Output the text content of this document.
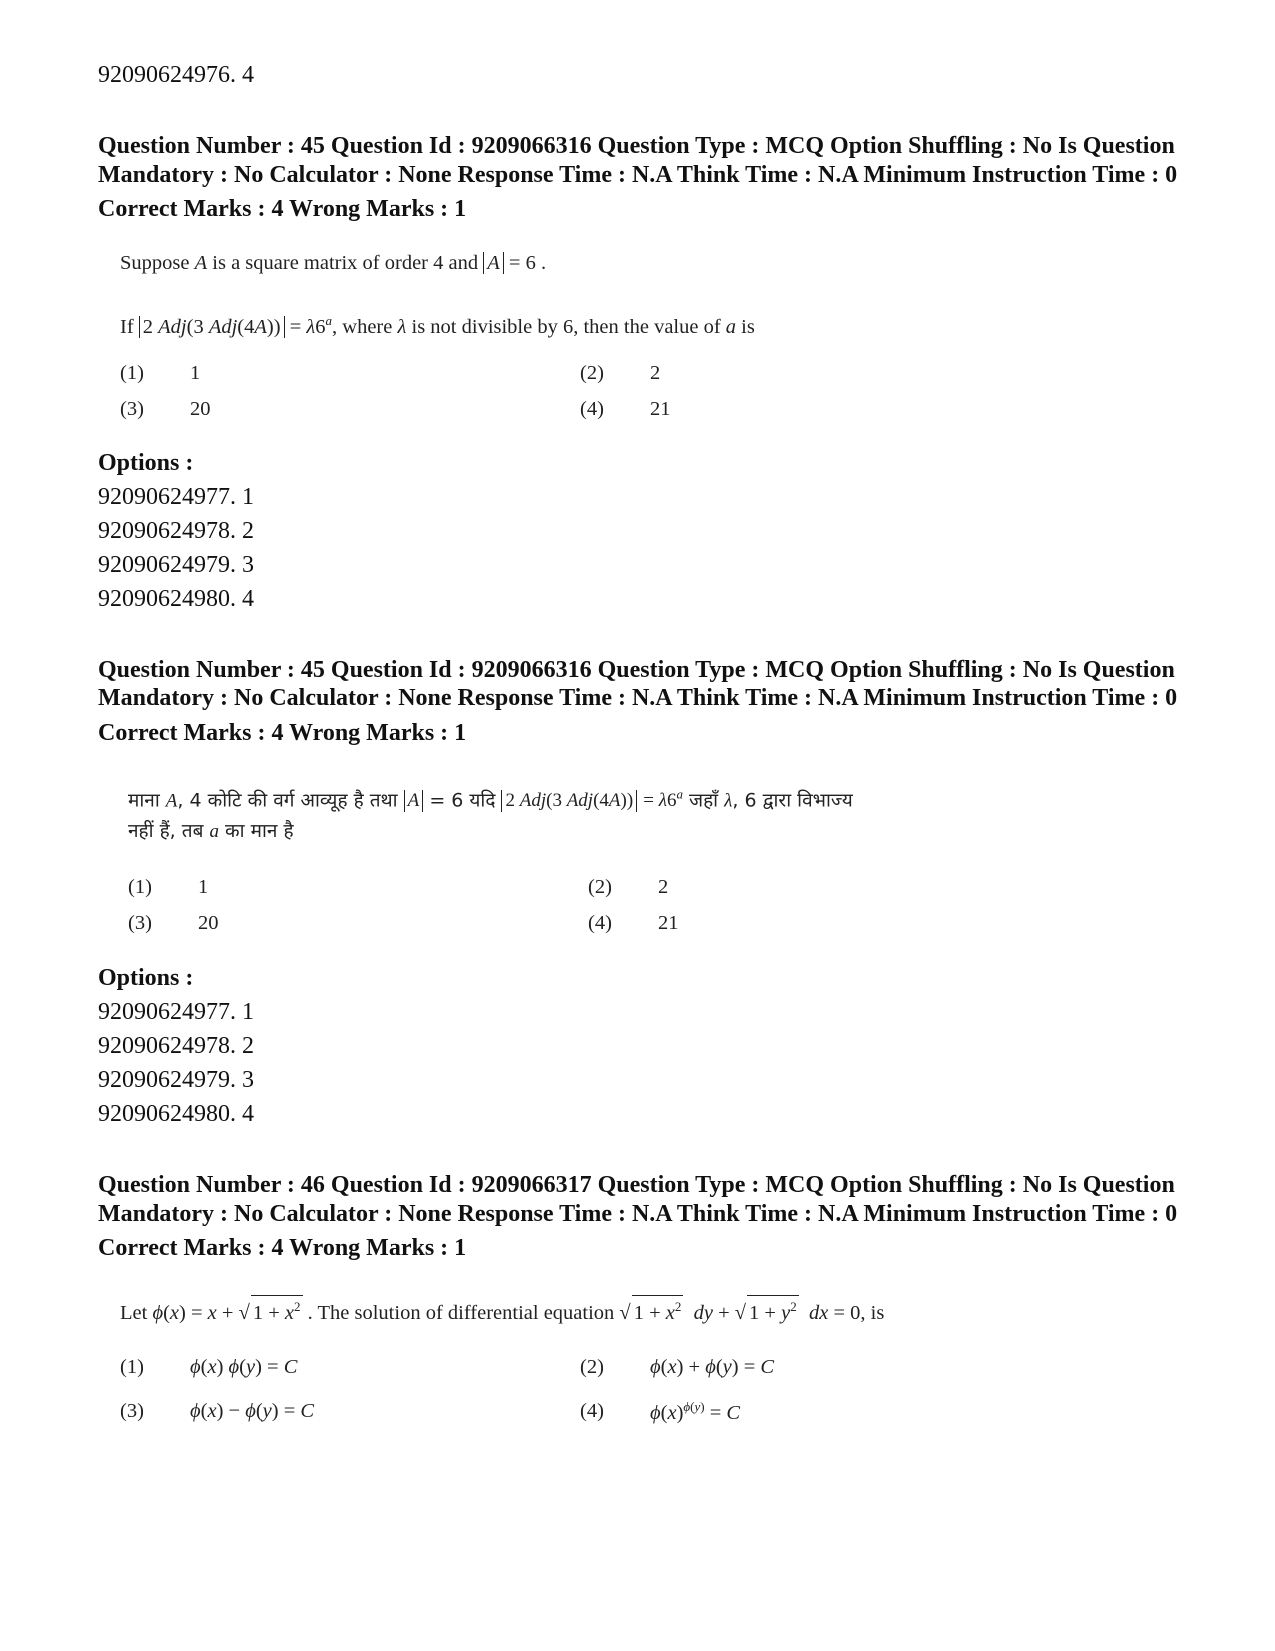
92090624976. 4
Question Number : 45 Question Id : 9209066316 Question Type : MCQ Option Shuffling : No Is Question Mandatory : No Calculator : None Response Time : N.A Think Time : N.A Minimum Instruction Time : 0
Correct Marks : 4 Wrong Marks : 1
Suppose A is a square matrix of order 4 and A = 6 .
If 2 Adj(3 $Adj(4A)) = \lambda 6^a$, where λ is not divisible by 6, then the value of a is
(1)	1	(2)	2
(3)	20	(4)	21
Options :
92090624977. 1
92090624978. 2
92090624979. 3
92090624980. 4
Question Number : 45 Question Id : 9209066316 Question Type : MCQ Option Shuffling : No Is Question Mandatory : No Calculator : None Response Time : N.A Think Time : N.A Minimum Instruction Time : 0
Correct Marks : 4 Wrong Marks : 1
माना A, 4 कोटि की वर्ग आव्यूह है तथा A = 6 यदि 2 Adj(3 $Adj(4A)) = \lambda 6^a$ जहाँ λ, 6 द्वारा विभाज्य
नहीं हैं, तब a का मान है
(1)	1	(2)	2
(3)	20	(4)	21
Options :
92090624977. 1
92090624978. 2
92090624979. 3
92090624980. 4
Question Number : 46 Question Id : 9209066317 Question Type : MCQ Option Shuffling : No Is Question Mandatory : No Calculator : None Response Time : N.A Think Time : N.A Minimum Instruction Time : 0
Correct Marks : 4 Wrong Marks : 1
Let ϕ(x) = x + √ $1 + x^2$ . The solution of differential equation √ $1 + x^2$ dy + √ $1 + y^2$ dx = 0, is
(1)	ϕ(x) ϕ(y) = C	(2)	ϕ(x) + ϕ(y) = C
(3)	ϕ(x) − ϕ(y) = C	(4)	$\phi(x)^{\phi(y)} = C$
